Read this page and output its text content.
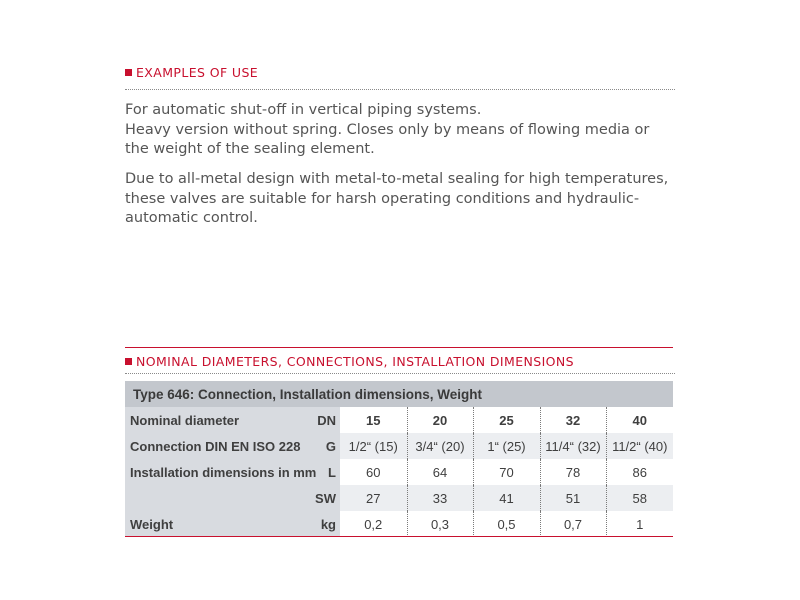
EXAMPLES OF USE

For automatic shut-off in vertical piping systems.
Heavy version without spring. Closes only by means of flowing media or
the weight of the sealing element.

Due to all-metal design with metal-to-metal sealing for high temperatures,
these valves are suitable for harsh operating conditions and hydraulic-
automatic control.

NOMINAL DIAMETERS, CONNECTIONS, INSTALLATION DIMENSIONS
Type 646: Connection, Installation dimensions, Weight						
Nominal diameter	DN	15	20	25	32	40
Connection DIN EN ISO 228	G	1/2“ (15)	3/4“ (20)	1“ (25)	11/4“ (32)	11/2“ (40)
Installation dimensions in mm	L	60	64	70	78	86
	SW	27	33	41	51	58
Weight	kg	0,2	0,3	0,5	0,7	1
